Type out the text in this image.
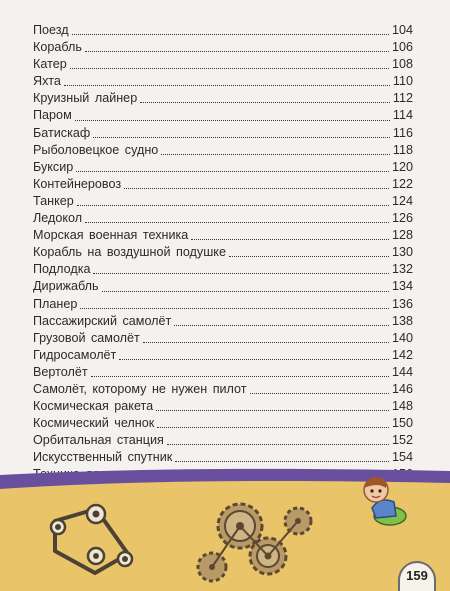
Поезд	104
Корабль	106
Катер	108
Яхта	110
Круизный лайнер	112
Паром	114
Батискаф	116
Рыболовецкое судно	118
Буксир	120
Контейнеровоз	122
Танкер	124
Ледокол	126
Морская военная техника	128
Корабль на воздушной подушке	130
Подлодка	132
Дирижабль	134
Планер	136
Пассажирский самолёт	138
Грузовой самолёт	140
Гидросамолёт	142
Вертолёт	144
Самолёт, которому не нужен пилот	146
Космическая ракета	148
Космический челнок	150
Орбитальная станция	152
Искусственный спутник	154
159
